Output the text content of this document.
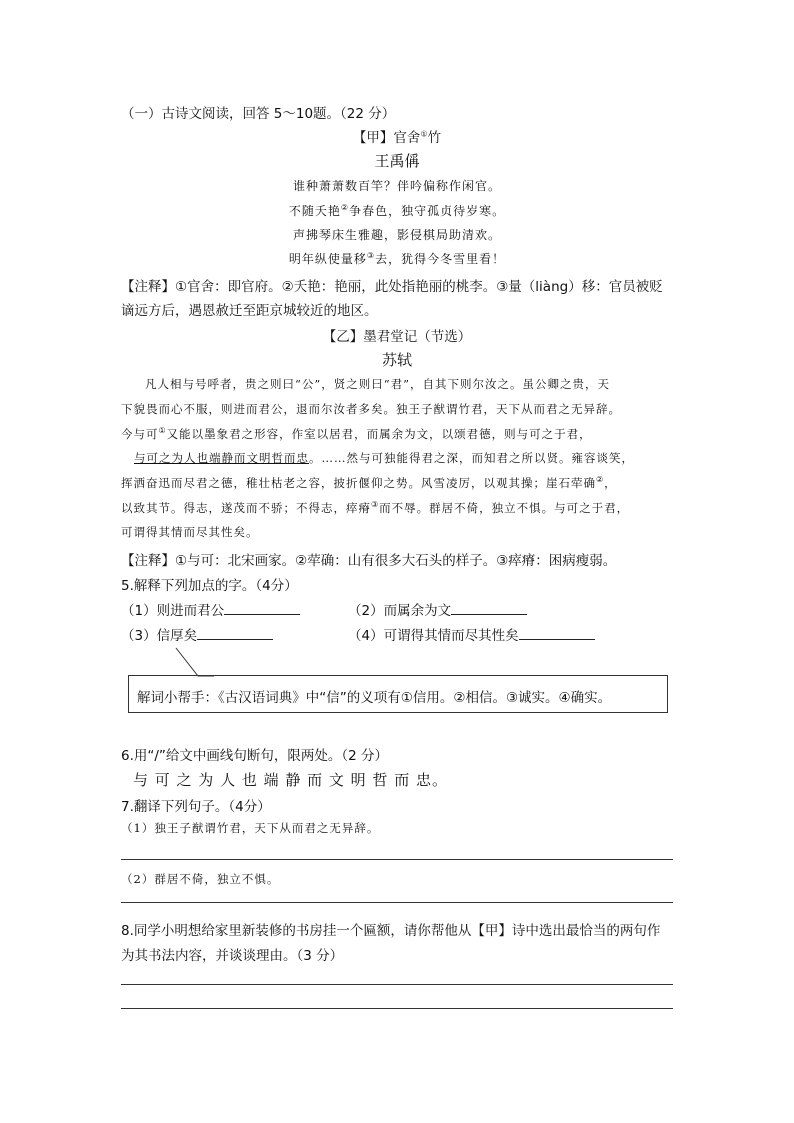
（一）古诗文阅读，回答 5～10题。（22 分）
【甲】官舍①竹
王禹偁
谁种萧萧数百竿？伴吟偏称作闲官。
不随夭艳②争春色，独守孤贞待岁寒。
声拂琴床生雅趣，影侵棋局助清欢。
明年纵使量移③去，犹得今冬雪里看！
【注释】①官舍：即官府。②夭艳：艳丽，此处指艳丽的桃李。③量（liàng）移：官员被贬
谪远方后，遇恩赦迁至距京城较近的地区。
【乙】墨君堂记（节选）
苏轼
凡人相与号呼者，贵之则曰“公”，贤之则曰“君”，自其下则尔汝之。虽公卿之贵，天
下貌畏而心不服，则进而君公，退而尔汝者多矣。独王子猷谓竹君，天下从而君之无异辞。
今与可①又能以墨象君之形容，作室以居君，而属余为文，以颂君德，则与可之于君，
与可之为人也端静而文明哲而忠。……然与可独能得君之深，而知君之所以贤。雍容谈笑，
挥洒奋迅而尽君之德，稚壮枯老之容，披折偃仰之势。风雪凌厉，以观其操；崖石荦确②，
以致其节。得志，遂茂而不骄；不得志，瘁瘠③而不辱。群居不倚，独立不惧。与可之于君，
可谓得其情而尽其性矣。
【注释】①与可：北宋画家。②荦确：山有很多大石头的样子。③瘁瘠：困病瘦弱。
5.解释下列加点的字。（4分）
（1）则进而君公	（2）而属余为文
（3）信厚矣	（4）可谓得其情而尽其性矣
解词小帮手：《古汉语词典》中“信”的义项有①信用。②相信。③诚实。④确实。
6.用“/”给文中画线句断句，限两处。（2 分）
与 可 之 为 人 也 端 静 而 文 明 哲 而 忠。
7.翻译下列句子。（4分）
（1）独王子猷谓竹君，天下从而君之无异辞。
（2）群居不倚，独立不惧。
8.同学小明想给家里新装修的书房挂一个匾额，请你帮他从【甲】诗中选出最恰当的两句作
为其书法内容，并谈谈理由。（3 分）
